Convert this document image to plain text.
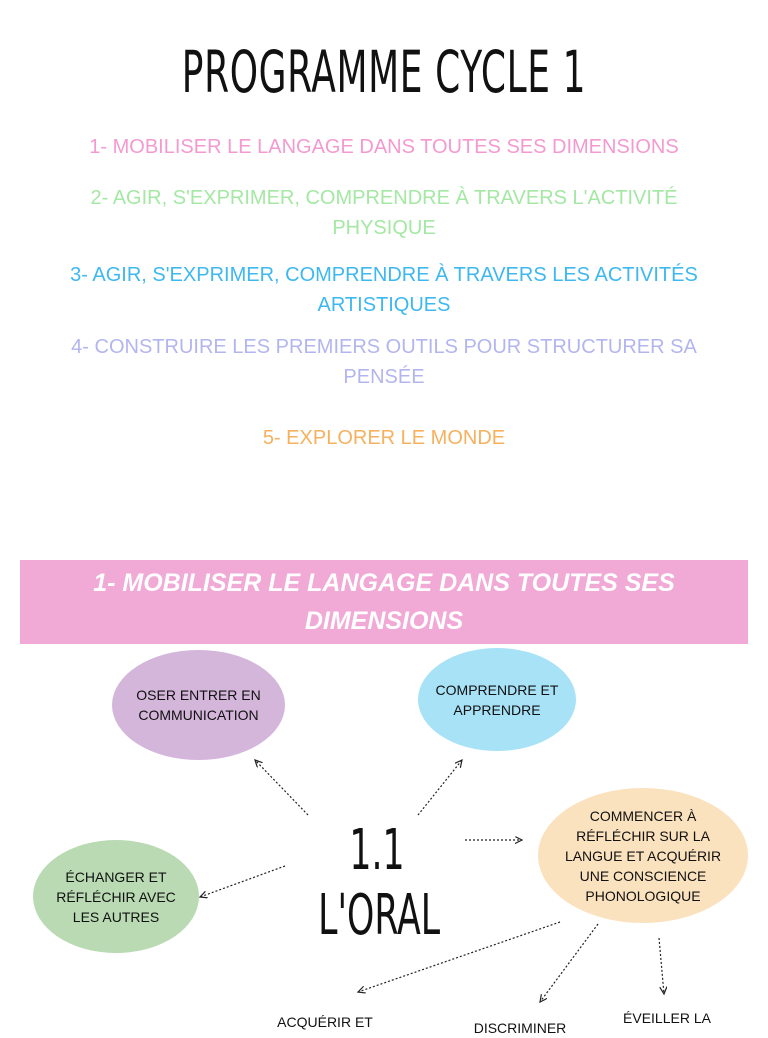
PROGRAMME CYCLE 1
1- MOBILISER LE LANGAGE DANS TOUTES SES DIMENSIONS
2- AGIR, S'EXPRIMER, COMPRENDRE À TRAVERS L'ACTIVITÉ
PHYSIQUE
3- AGIR, S'EXPRIMER, COMPRENDRE À TRAVERS LES ACTIVITÉS
ARTISTIQUES
4- CONSTRUIRE LES PREMIERS OUTILS POUR STRUCTURER SA
PENSÉE
5- EXPLORER LE MONDE
1- MOBILISER LE LANGAGE DANS TOUTES SES
DIMENSIONS
OSER ENTRER EN
COMMUNICATION
COMPRENDRE ET
APPRENDRE
ÉCHANGER ET
RÉFLÉCHIR AVEC
LES AUTRES
COMMENCER À
RÉFLÉCHIR SUR LA
LANGUE ET ACQUÉRIR
UNE CONSCIENCE
PHONOLOGIQUE
1.1 L'ORAL
ACQUÉRIR ET	DISCRIMINER
ÉVEILLER LA
